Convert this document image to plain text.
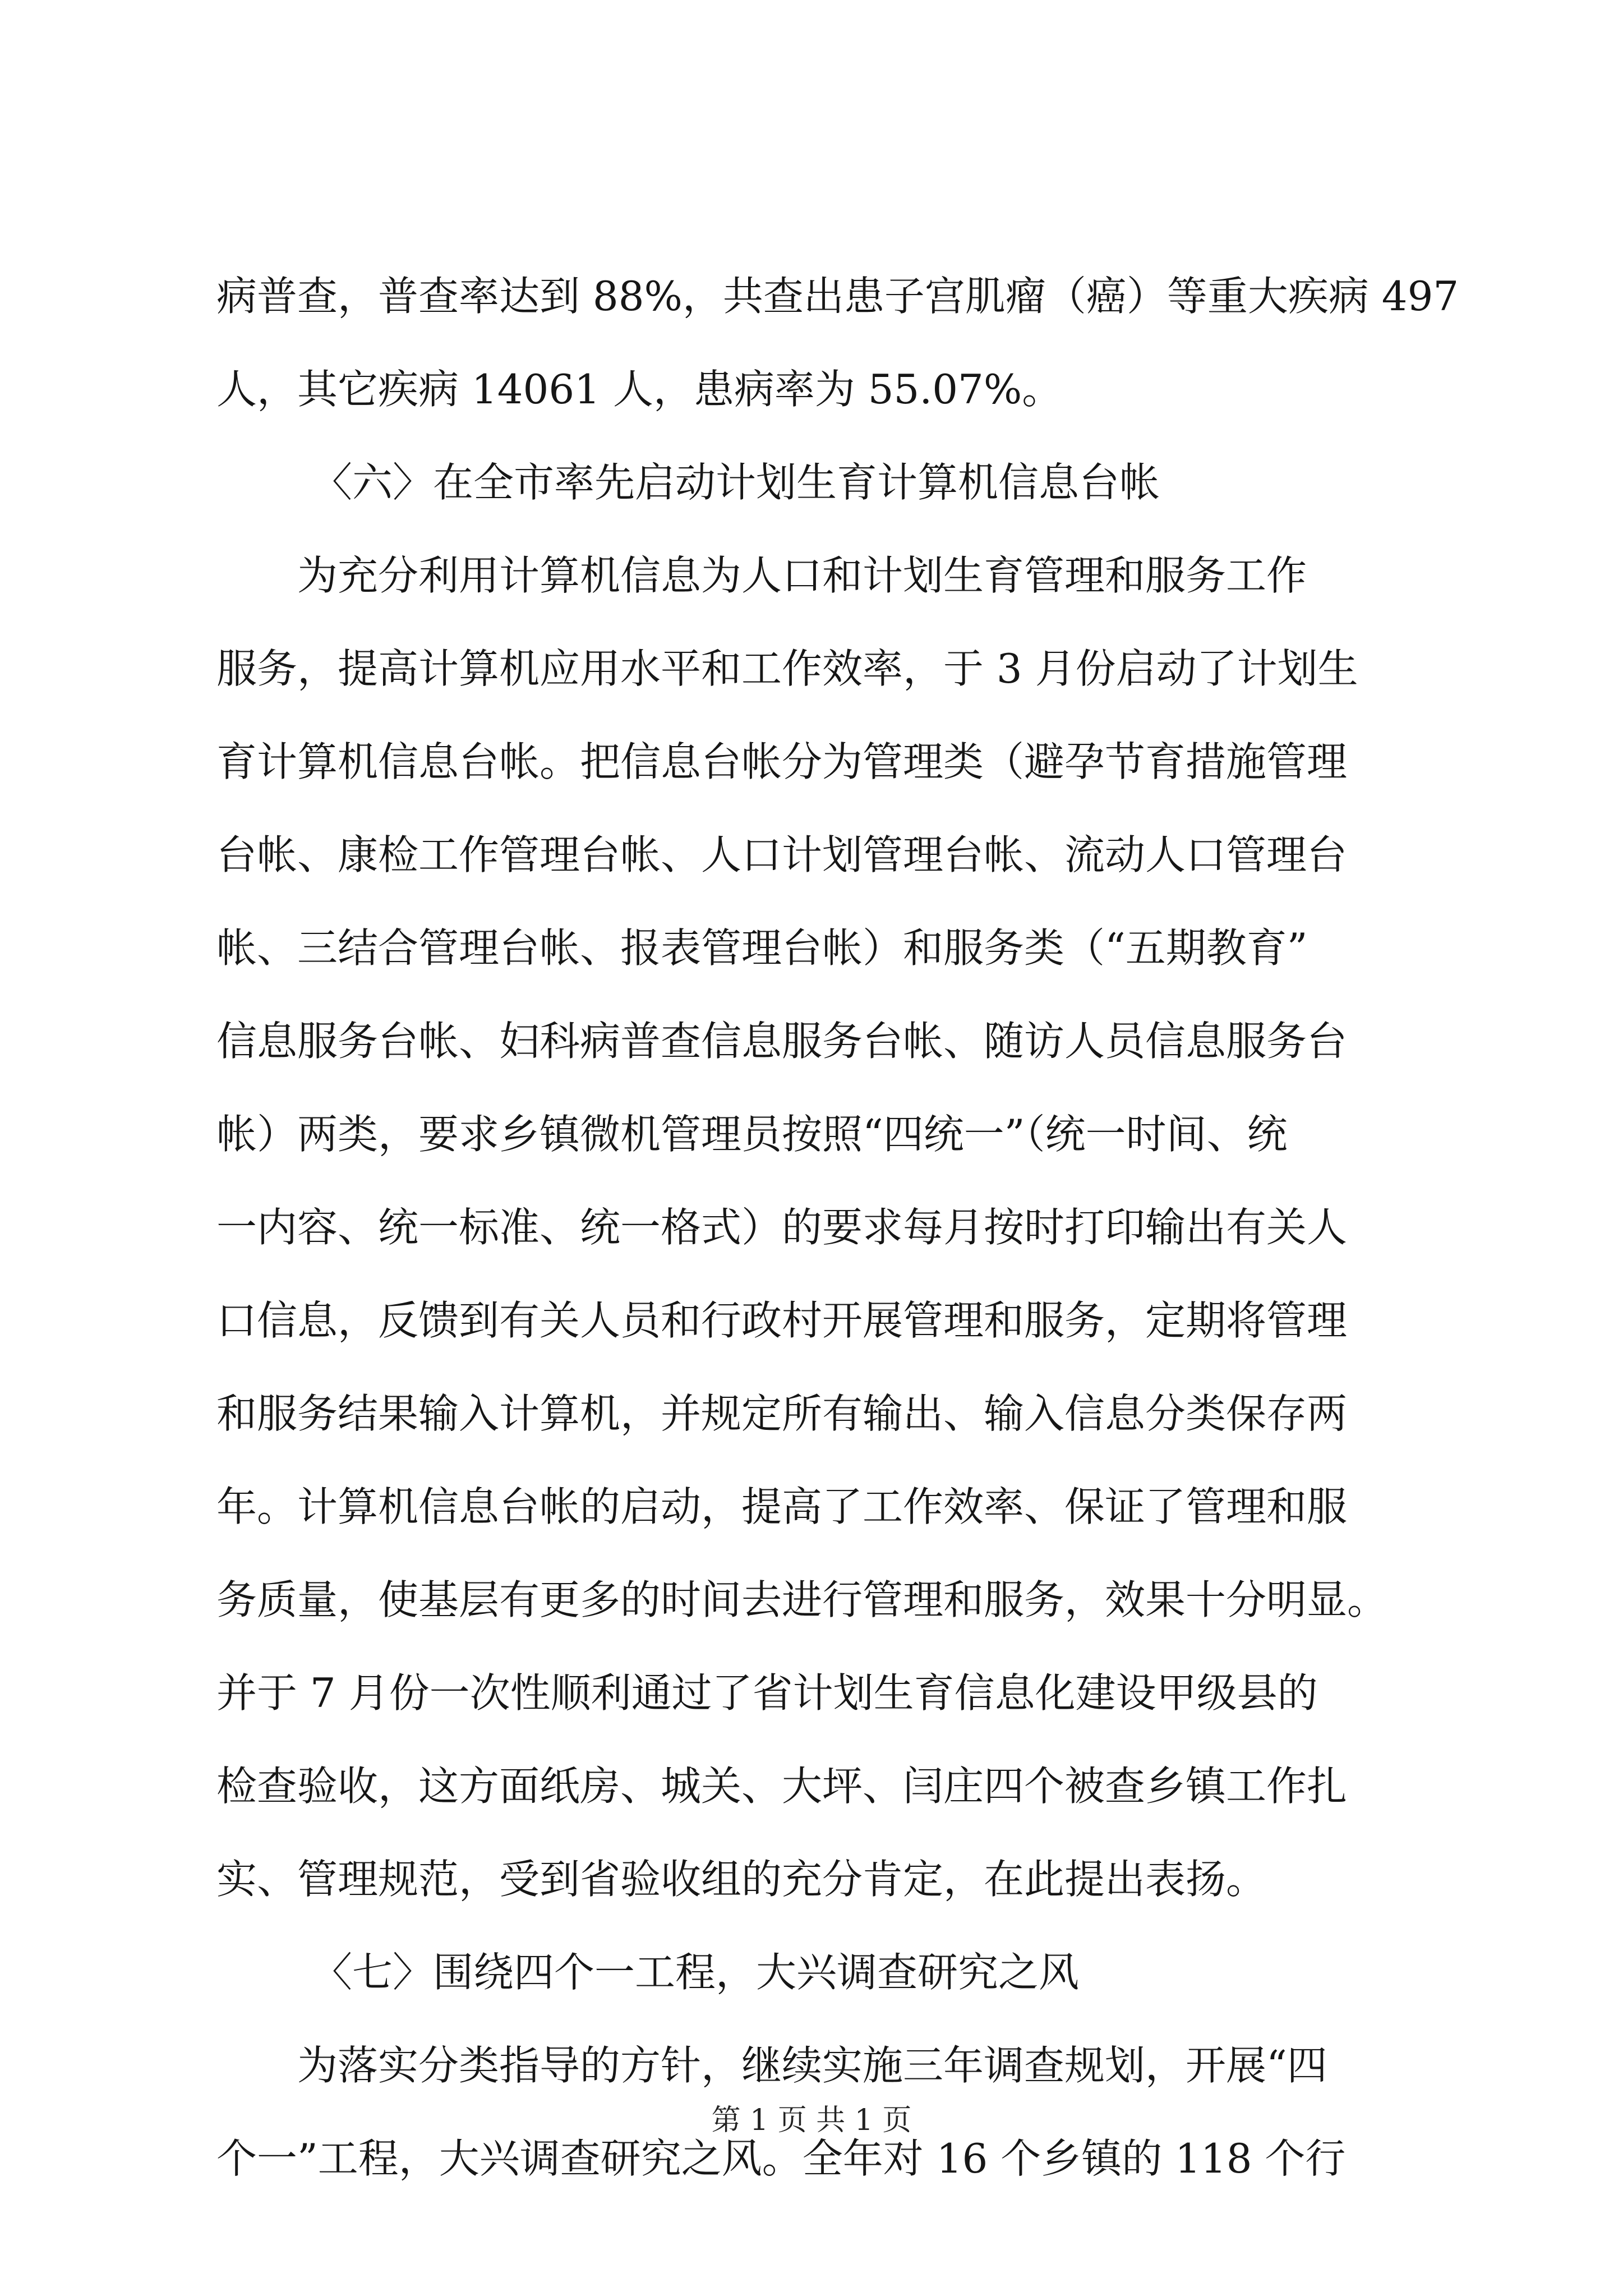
病普查，普查率达到 88%，共查出患子宫肌瘤（癌）等重大疾病 497
人，其它疾病 14061 人，患病率为 55.07%。
〈六〉在全市率先启动计划生育计算机信息台帐
为充分利用计算机信息为人口和计划生育管理和服务工作
服务，提高计算机应用水平和工作效率，于 3 月份启动了计划生
育计算机信息台帐。把信息台帐分为管理类（避孕节育措施管理
台帐、康检工作管理台帐、人口计划管理台帐、流动人口管理台
帐、三结合管理台帐、报表管理台帐）和服务类（“五期教育”
信息服务台帐、妇科病普查信息服务台帐、随访人员信息服务台
帐）两类，要求乡镇微机管理员按照“四统一”（统一时间、统
一内容、统一标准、统一格式）的要求每月按时打印输出有关人
口信息，反馈到有关人员和行政村开展管理和服务，定期将管理
和服务结果输入计算机，并规定所有输出、输入信息分类保存两
年。计算机信息台帐的启动，提高了工作效率、保证了管理和服
务质量，使基层有更多的时间去进行管理和服务，效果十分明显。
并于 7 月份一次性顺利通过了省计划生育信息化建设甲级县的
检查验收，这方面纸房、城关、大坪、闫庄四个被查乡镇工作扎
实、管理规范，受到省验收组的充分肯定，在此提出表扬。
〈七〉围绕四个一工程，大兴调查研究之风
为落实分类指导的方针，继续实施三年调查规划，开展“四
个一”工程，大兴调查研究之风。全年对 16 个乡镇的 118 个行
第 1 页 共 1 页
